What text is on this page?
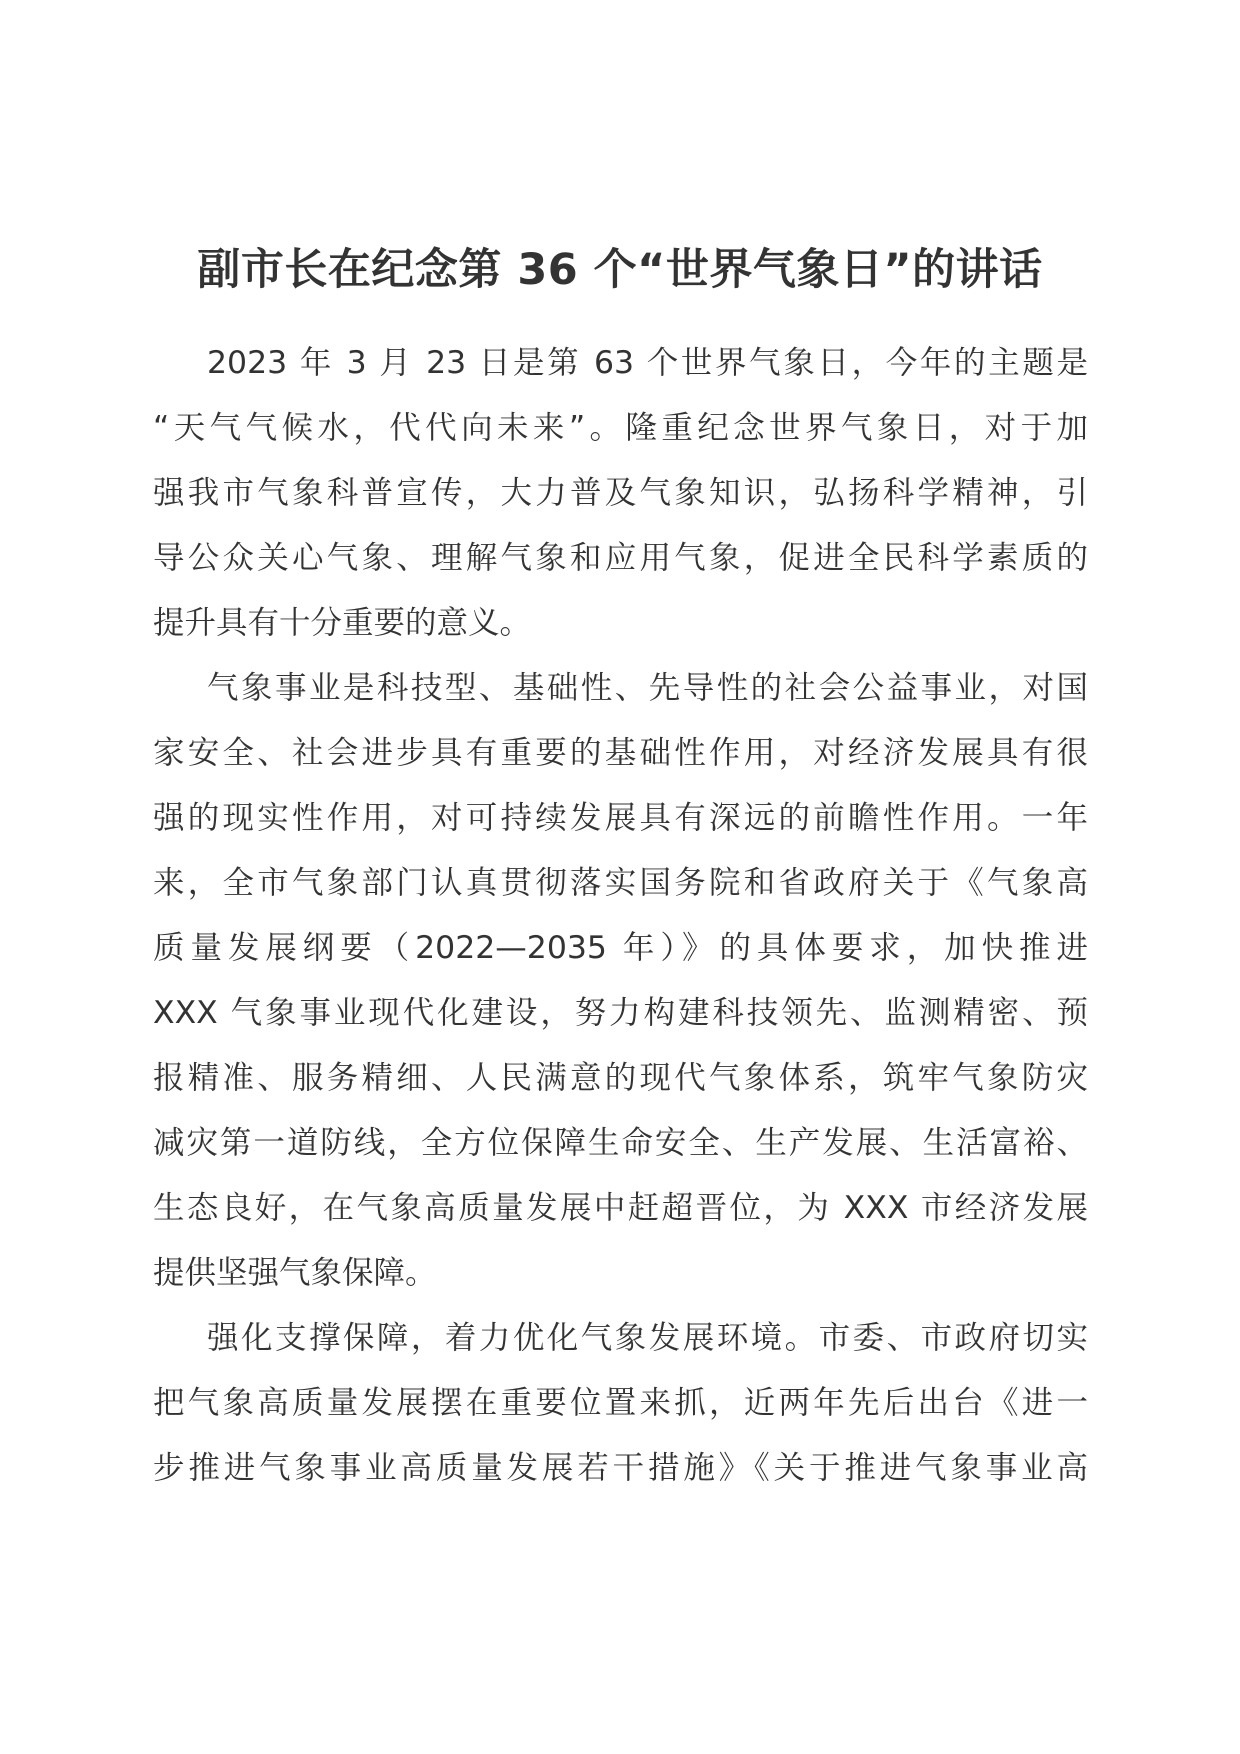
副市长在纪念第 36 个“世界气象日”的讲话

2023 年 3 月 23 日是第 63 个世界气象日，今年的主题是
“天气气候水，代代向未来”。隆重纪念世界气象日，对于加
强我市气象科普宣传，大力普及气象知识，弘扬科学精神，引
导公众关心气象、理解气象和应用气象，促进全民科学素质的
提升具有十分重要的意义。

气象事业是科技型、基础性、先导性的社会公益事业，对国
家安全、社会进步具有重要的基础性作用，对经济发展具有很
强的现实性作用，对可持续发展具有深远的前瞻性作用。一年
来，全市气象部门认真贯彻落实国务院和省政府关于《气象高
质量发展纲要（2022—2035 年）》的具体要求，加快推进
XXX 气象事业现代化建设，努力构建科技领先、监测精密、预
报精准、服务精细、人民满意的现代气象体系，筑牢气象防灾
减灾第一道防线，全方位保障生命安全、生产发展、生活富裕、
生态良好，在气象高质量发展中赶超晋位，为 XXX 市经济发展
提供坚强气象保障。

强化支撑保障，着力优化气象发展环境。市委、市政府切实
把气象高质量发展摆在重要位置来抓，近两年先后出台《进一
步推进气象事业高质量发展若干措施》《关于推进气象事业高
